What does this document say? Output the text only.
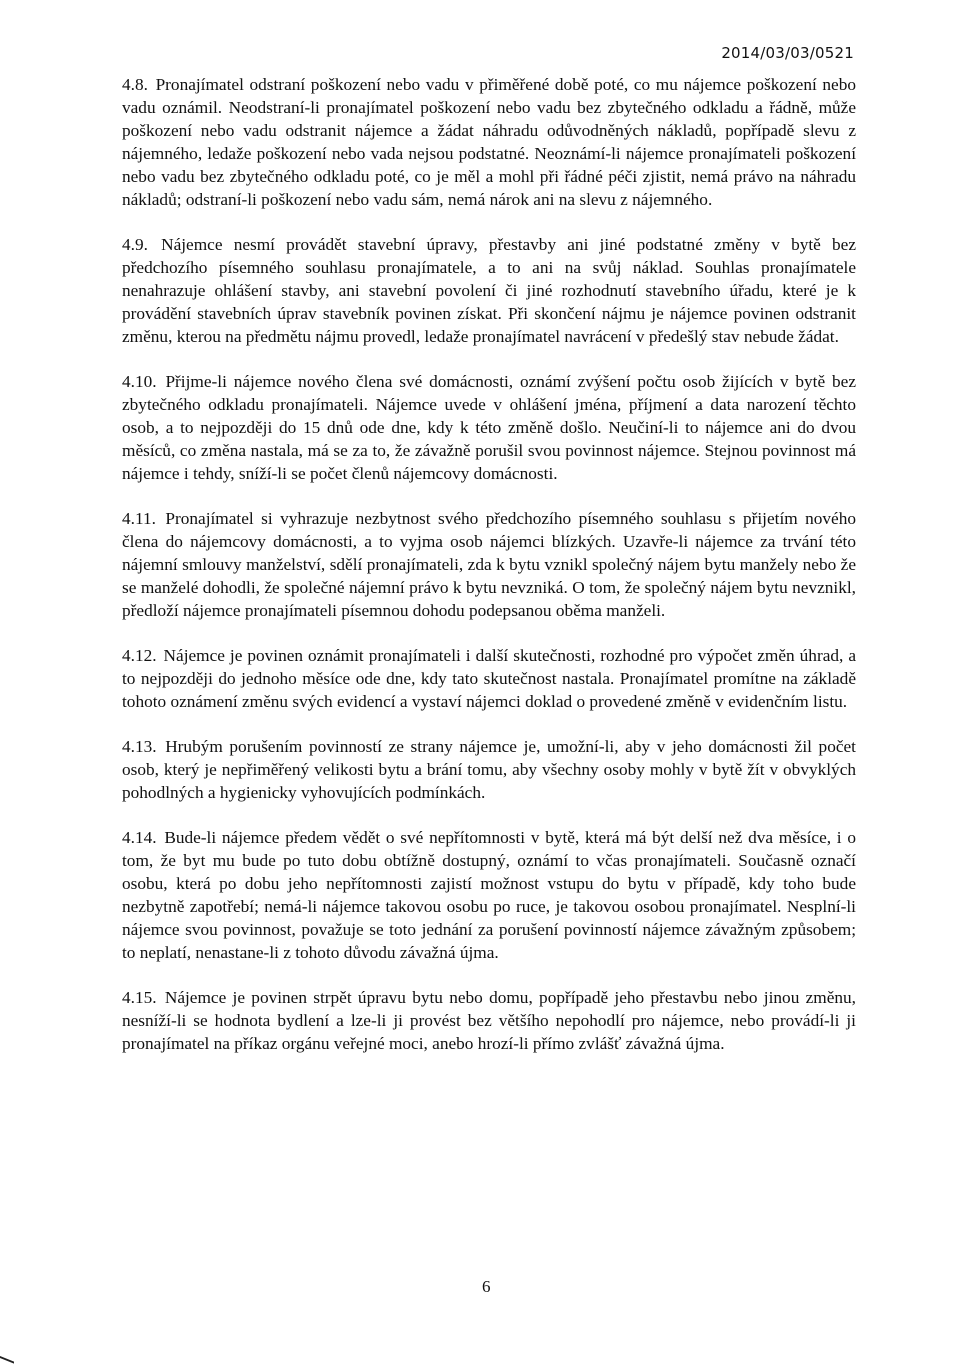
2014/03/03/0521

4.8. Pronajímatel odstraní poškození nebo vadu v přiměřené době poté, co mu nájemce poškození nebo vadu oznámil. Neodstraní-li pronajímatel poškození nebo vadu bez zbytečného odkladu a řádně, může poškození nebo vadu odstranit nájemce a žádat náhradu odůvodněných nákladů, popřípadě slevu z nájemného, ledaže poškození nebo vada nejsou podstatné. Neoznámí-li nájemce pronajímateli poškození nebo vadu bez zbytečného odkladu poté, co je měl a mohl při řádné péči zjistit, nemá právo na náhradu nákladů; odstraní-li poškození nebo vadu sám, nemá nárok ani na slevu z nájemného.

4.9. Nájemce nesmí provádět stavební úpravy, přestavby ani jiné podstatné změny v bytě bez předchozího písemného souhlasu pronajímatele, a to ani na svůj náklad. Souhlas pronajímatele nenahrazuje ohlášení stavby, ani stavební povolení či jiné rozhodnutí stavebního úřadu, které je k provádění stavebních úprav stavebník povinen získat. Při skončení nájmu je nájemce povinen odstranit změnu, kterou na předmětu nájmu provedl, ledaže pronajímatel navrácení v předešlý stav nebude žádat.

4.10. Přijme-li nájemce nového člena své domácnosti, oznámí zvýšení počtu osob žijících v bytě bez zbytečného odkladu pronajímateli. Nájemce uvede v ohlášení jména, příjmení a data narození těchto osob, a to nejpozději do 15 dnů ode dne, kdy k této změně došlo. Neučiní-li to nájemce ani do dvou měsíců, co změna nastala, má se za to, že závažně porušil svou povinnost nájemce. Stejnou povinnost má nájemce i tehdy, sníží-li se počet členů nájemcovy domácnosti.

4.11. Pronajímatel si vyhrazuje nezbytnost svého předchozího písemného souhlasu s přijetím nového člena do nájemcovy domácnosti, a to vyjma osob nájemci blízkých. Uzavře-li nájemce za trvání této nájemní smlouvy manželství, sdělí pronajímateli, zda k bytu vznikl společný nájem bytu manžely nebo že se manželé dohodli, že společné nájemní právo k bytu nevzniká. O tom, že společný nájem bytu nevznikl, předloží nájemce pronajímateli písemnou dohodu podepsanou oběma manželi.

4.12. Nájemce je povinen oznámit pronajímateli i další skutečnosti, rozhodné pro výpočet změn úhrad, a to nejpozději do jednoho měsíce ode dne, kdy tato skutečnost nastala. Pronajímatel promítne na základě tohoto oznámení změnu svých evidencí a vystaví nájemci doklad o provedené změně v evidenčním listu.

4.13. Hrubým porušením povinností ze strany nájemce je, umožní-li, aby v jeho domácnosti žil počet osob, který je nepřiměřený velikosti bytu a brání tomu, aby všechny osoby mohly v bytě žít v obvyklých pohodlných a hygienicky vyhovujících podmínkách.

4.14. Bude-li nájemce předem vědět o své nepřítomnosti v bytě, která má být delší než dva měsíce, i o tom, že byt mu bude po tuto dobu obtížně dostupný, oznámí to včas pronajímateli. Současně označí osobu, která po dobu jeho nepřítomnosti zajistí možnost vstupu do bytu v případě, kdy toho bude nezbytně zapotřebí; nemá-li nájemce takovou osobu po ruce, je takovou osobou pronajímatel. Nesplní-li nájemce svou povinnost, považuje se toto jednání za porušení povinností nájemce závažným způsobem; to neplatí, nenastane-li z tohoto důvodu závažná újma.

4.15. Nájemce je povinen strpět úpravu bytu nebo domu, popřípadě jeho přestavbu nebo jinou změnu, nesníží-li se hodnota bydlení a lze-li ji provést bez většího nepohodlí pro nájemce, nebo provádí-li ji pronajímatel na příkaz orgánu veřejné moci, anebo hrozí-li přímo zvlášť závažná újma.

6
